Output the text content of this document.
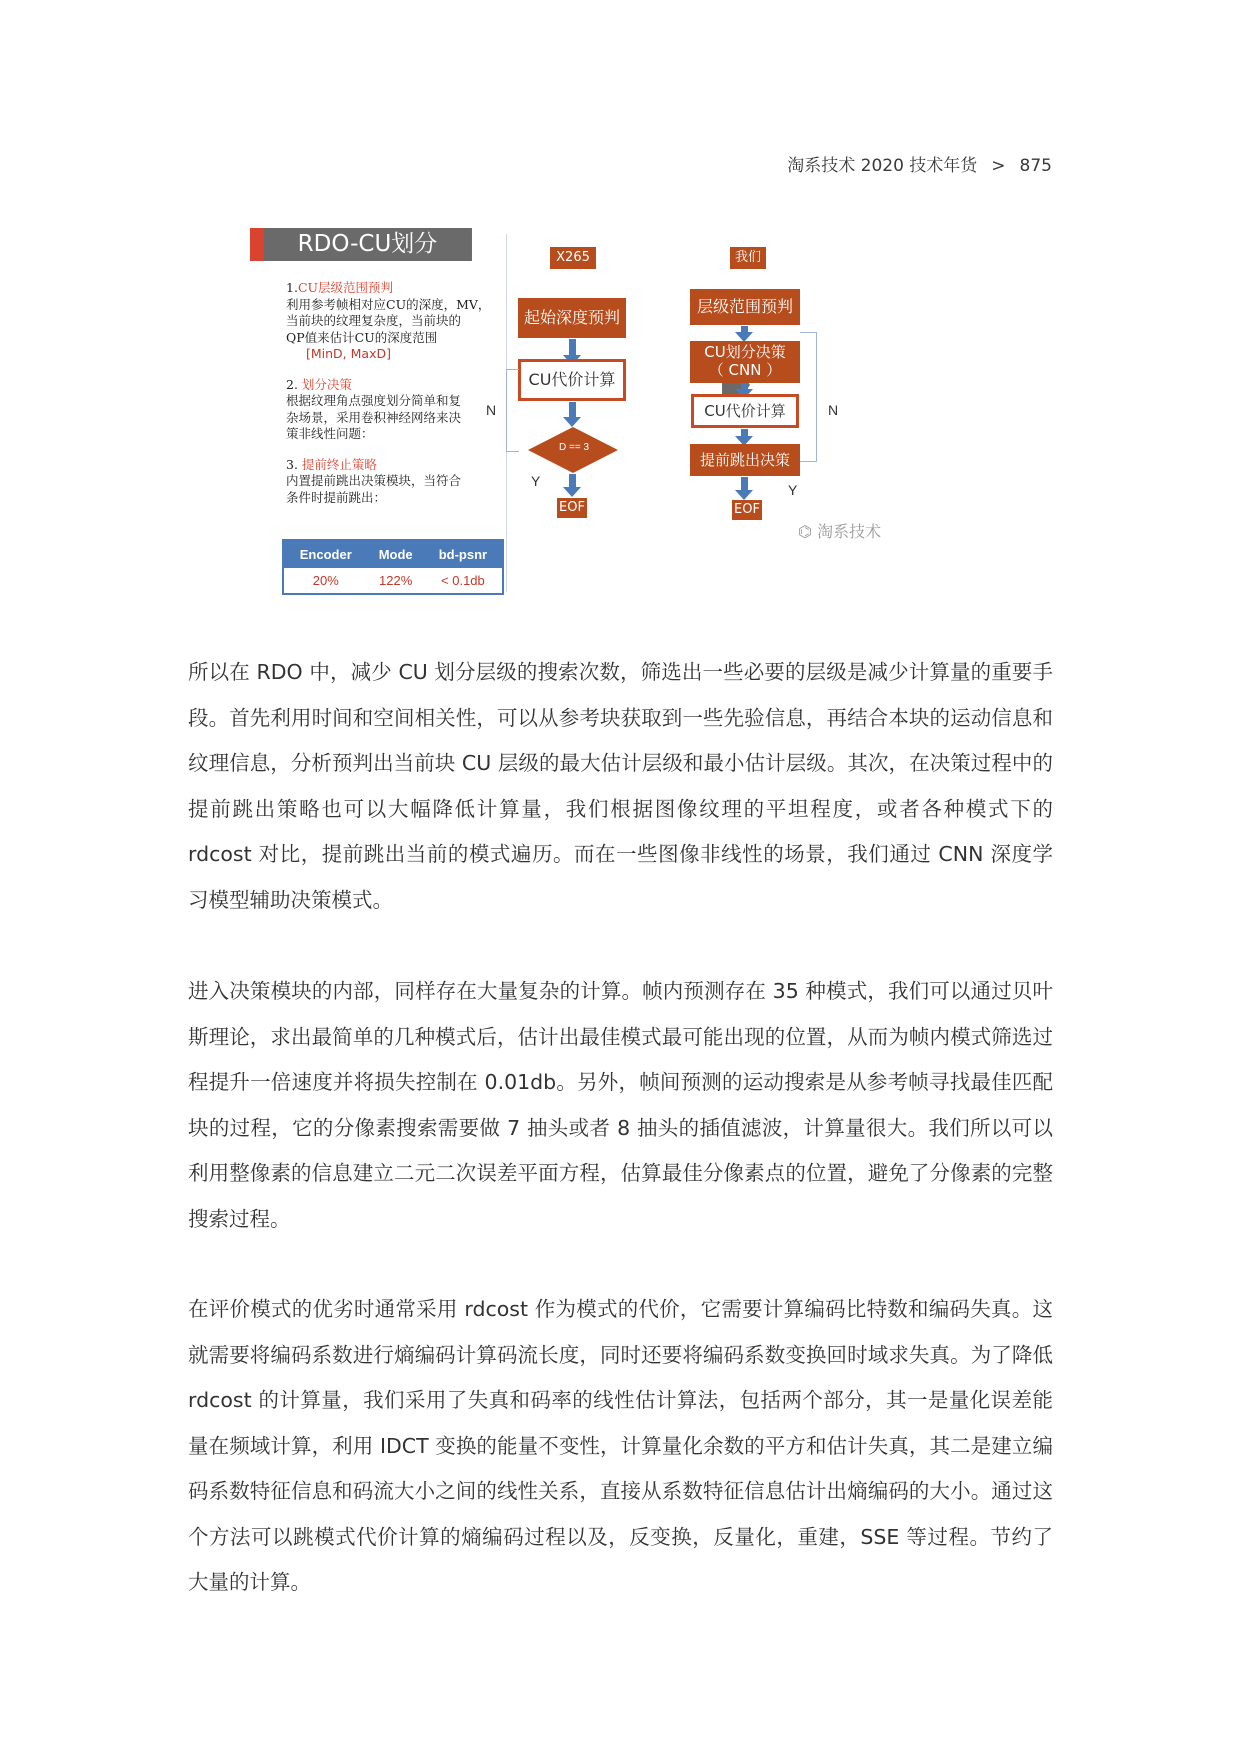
淘系技术 2020 技术年货 > 875
RDO-CU划分
1.CU层级范围预判
利用参考帧相对应CU的深度，MV，
当前块的纹理复杂度，当前块的
QP值来估计CU的深度范围
[MinD, MaxD]
2. 划分决策
根据纹理角点强度划分简单和复
杂场景，采用卷积神经网络来决
策非线性问题：
3. 提前终止策略
内置提前跳出决策模块，当符合
条件时提前跳出：
Encoder	Mode	bd-psnr
20%	122%	< 0.1db
X265
起始深度预判
CU代价计算
D == 3
EOF
N
Y
我们
层级范围预判
CU划分决策
（ CNN ）
CU代价计算
提前跳出决策
EOF
N
Y
⌬ 淘系技术

所以在 RDO 中，减少 CU 划分层级的搜索次数，筛选出一些必要的层级是减少计算量的重要手段。首先利用时间和空间相关性，可以从参考块获取到一些先验信息，再结合本块的运动信息和纹理信息，分析预判出当前块 CU 层级的最大估计层级和最小估计层级。其次，在决策过程中的提前跳出策略也可以大幅降低计算量，我们根据图像纹理的平坦程度，或者各种模式下的 rdcost 对比，提前跳出当前的模式遍历。而在一些图像非线性的场景，我们通过 CNN 深度学习模型辅助决策模式。

进入决策模块的内部，同样存在大量复杂的计算。帧内预测存在 35 种模式，我们可以通过贝叶斯理论，求出最简单的几种模式后，估计出最佳模式最可能出现的位置，从而为帧内模式筛选过程提升一倍速度并将损失控制在 0.01db。另外，帧间预测的运动搜索是从参考帧寻找最佳匹配块的过程，它的分像素搜索需要做 7 抽头或者 8 抽头的插值滤波，计算量很大。我们所以可以利用整像素的信息建立二元二次误差平面方程，估算最佳分像素点的位置，避免了分像素的完整搜索过程。

在评价模式的优劣时通常采用 rdcost 作为模式的代价，它需要计算编码比特数和编码失真。这就需要将编码系数进行熵编码计算码流长度，同时还要将编码系数变换回时域求失真。为了降低 rdcost 的计算量，我们采用了失真和码率的线性估计算法，包括两个部分，其一是量化误差能量在频域计算，利用 IDCT 变换的能量不变性，计算量化余数的平方和估计失真，其二是建立编码系数特征信息和码流大小之间的线性关系，直接从系数特征信息估计出熵编码的大小。通过这个方法可以跳模式代价计算的熵编码过程以及，反变换，反量化，重建，SSE 等过程。节约了大量的计算。
